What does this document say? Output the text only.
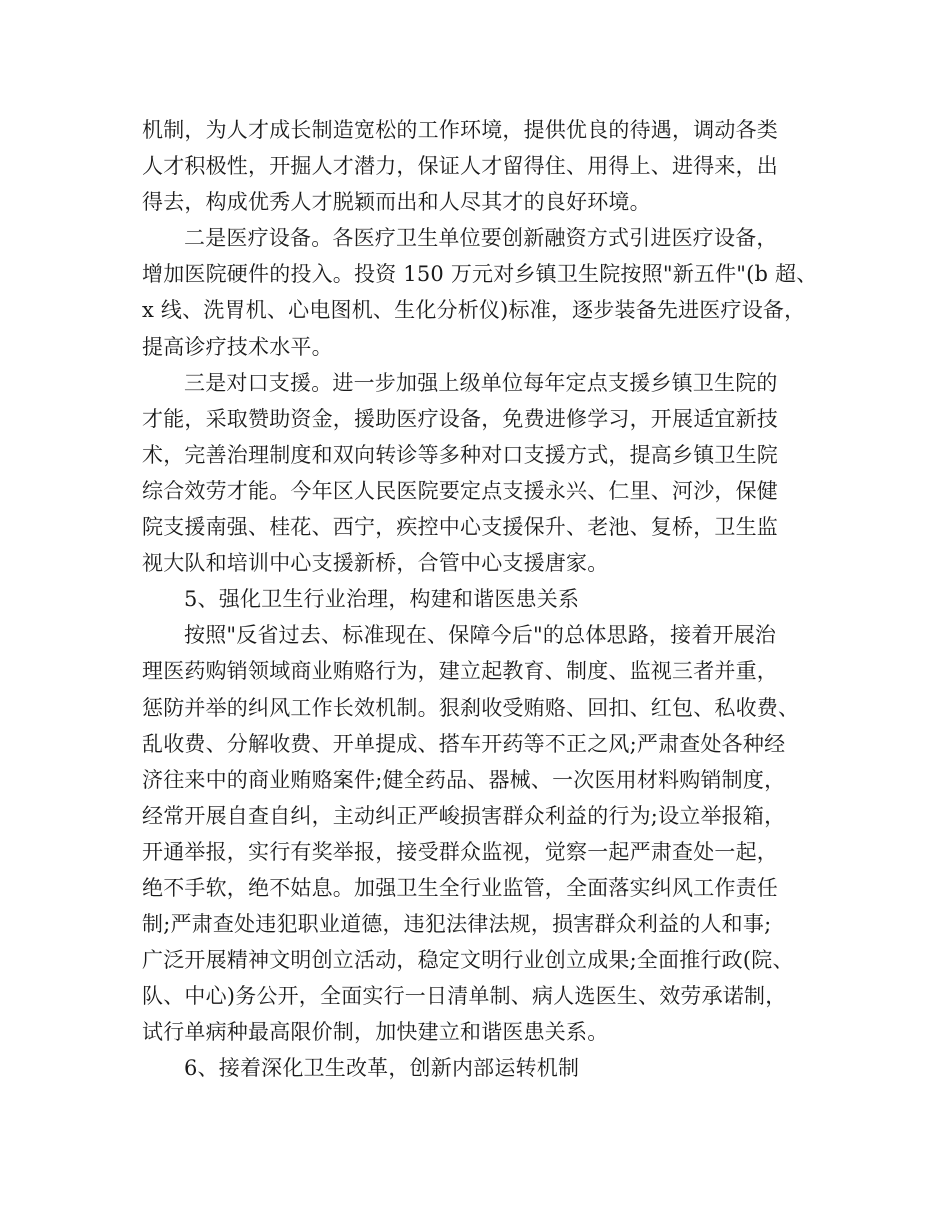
机制，为人才成长制造宽松的工作环境，提供优良的待遇，调动各类
人才积极性，开掘人才潜力，保证人才留得住、用得上、进得来，出
得去，构成优秀人才脱颖而出和人尽其才的良好环境。
二是医疗设备。各医疗卫生单位要创新融资方式引进医疗设备，
增加医院硬件的投入。投资 150 万元对乡镇卫生院按照"新五件"(b 超、
x 线、洗胃机、心电图机、生化分析仪)标准，逐步装备先进医疗设备，
提高诊疗技术水平。
三是对口支援。进一步加强上级单位每年定点支援乡镇卫生院的
才能，采取赞助资金，援助医疗设备，免费进修学习，开展适宜新技
术，完善治理制度和双向转诊等多种对口支援方式，提高乡镇卫生院
综合效劳才能。今年区人民医院要定点支援永兴、仁里、河沙，保健
院支援南强、桂花、西宁，疾控中心支援保升、老池、复桥，卫生监
视大队和培训中心支援新桥，合管中心支援唐家。
5、强化卫生行业治理，构建和谐医患关系
按照"反省过去、标准现在、保障今后"的总体思路，接着开展治
理医药购销领域商业贿赂行为，建立起教育、制度、监视三者并重，
惩防并举的纠风工作长效机制。狠刹收受贿赂、回扣、红包、私收费、
乱收费、分解收费、开单提成、搭车开药等不正之风;严肃查处各种经
济往来中的商业贿赂案件;健全药品、器械、一次医用材料购销制度，
经常开展自查自纠，主动纠正严峻损害群众利益的行为;设立举报箱，
开通举报，实行有奖举报，接受群众监视，觉察一起严肃查处一起，
绝不手软，绝不姑息。加强卫生全行业监管，全面落实纠风工作责任
制;严肃查处违犯职业道德，违犯法律法规，损害群众利益的人和事;
广泛开展精神文明创立活动，稳定文明行业创立成果;全面推行政(院、
队、中心)务公开，全面实行一日清单制、病人选医生、效劳承诺制，
试行单病种最高限价制，加快建立和谐医患关系。
6、接着深化卫生改革，创新内部运转机制
